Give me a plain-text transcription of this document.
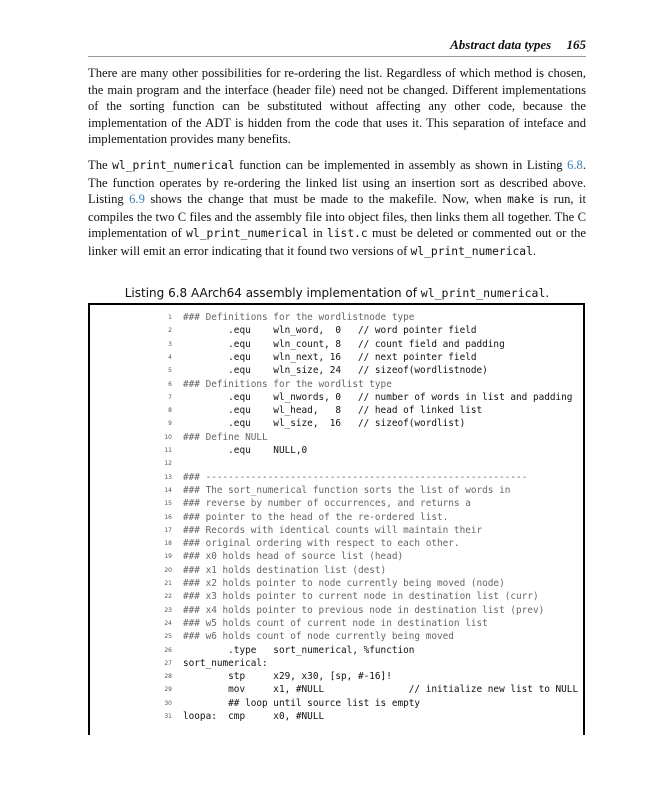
Abstract data types 165

There are many other possibilities for re-ordering the list. Regardless of which method is chosen, the main program and the interface (header file) need not be changed. Different implementations of the sorting function can be substituted without affecting any other code, because the implementation of the ADT is hidden from the code that uses it. This separation of inteface and implementation provides many benefits.

The wl_print_numerical function can be implemented in assembly as shown in Listing 6.8. The function operates by re-ordering the linked list using an insertion sort as described above. Listing 6.9 shows the change that must be made to the makefile. Now, when make is run, it compiles the two C files and the assembly file into object files, then links them all together. The C implementation of wl_print_numerical in list.c must be deleted or commented out or the linker will emit an error indicating that it found two versions of wl_print_numerical.

Listing 6.8 AArch64 assembly implementation of wl_print_numerical.
1 ### Definitions for the wordlistnode type
2 .equ    wln_word,  0   // word pointer field
3 .equ    wln_count, 8   // count field and padding
4 .equ    wln_next, 16   // next pointer field
5 .equ    wln_size, 24   // sizeof(wordlistnode)
6 ### Definitions for the wordlist type
7 .equ    wl_nwords, 0   // number of words in list and padding
8 .equ    wl_head,   8   // head of linked list
9 .equ    wl_size,  16   // sizeof(wordlist)
10 ### Define NULL
11 .equ    NULL,0
12
13 ### ---------------------------------------------------------
14 ### The sort_numerical function sorts the list of words in
15 ### reverse by number of occurrences, and returns a
16 ### pointer to the head of the re-ordered list.
17 ### Records with identical counts will maintain their
18 ### original ordering with respect to each other.
19 ### x0 holds head of source list (head)
20 ### x1 holds destination list (dest)
21 ### x2 holds pointer to node currently being moved (node)
22 ### x3 holds pointer to current node in destination list (curr)
23 ### x4 holds pointer to previous node in destination list (prev)
24 ### w5 holds count of current node in destination list
25 ### w6 holds count of node currently being moved
26 .type   sort_numerical, %function
27 sort_numerical:
28 stp     x29, x30, [sp, #-16]!
29 mov     x1, #NULL               // initialize new list to NULL
30 ## loop until source list is empty
31 loopa:  cmp     x0, #NULL
